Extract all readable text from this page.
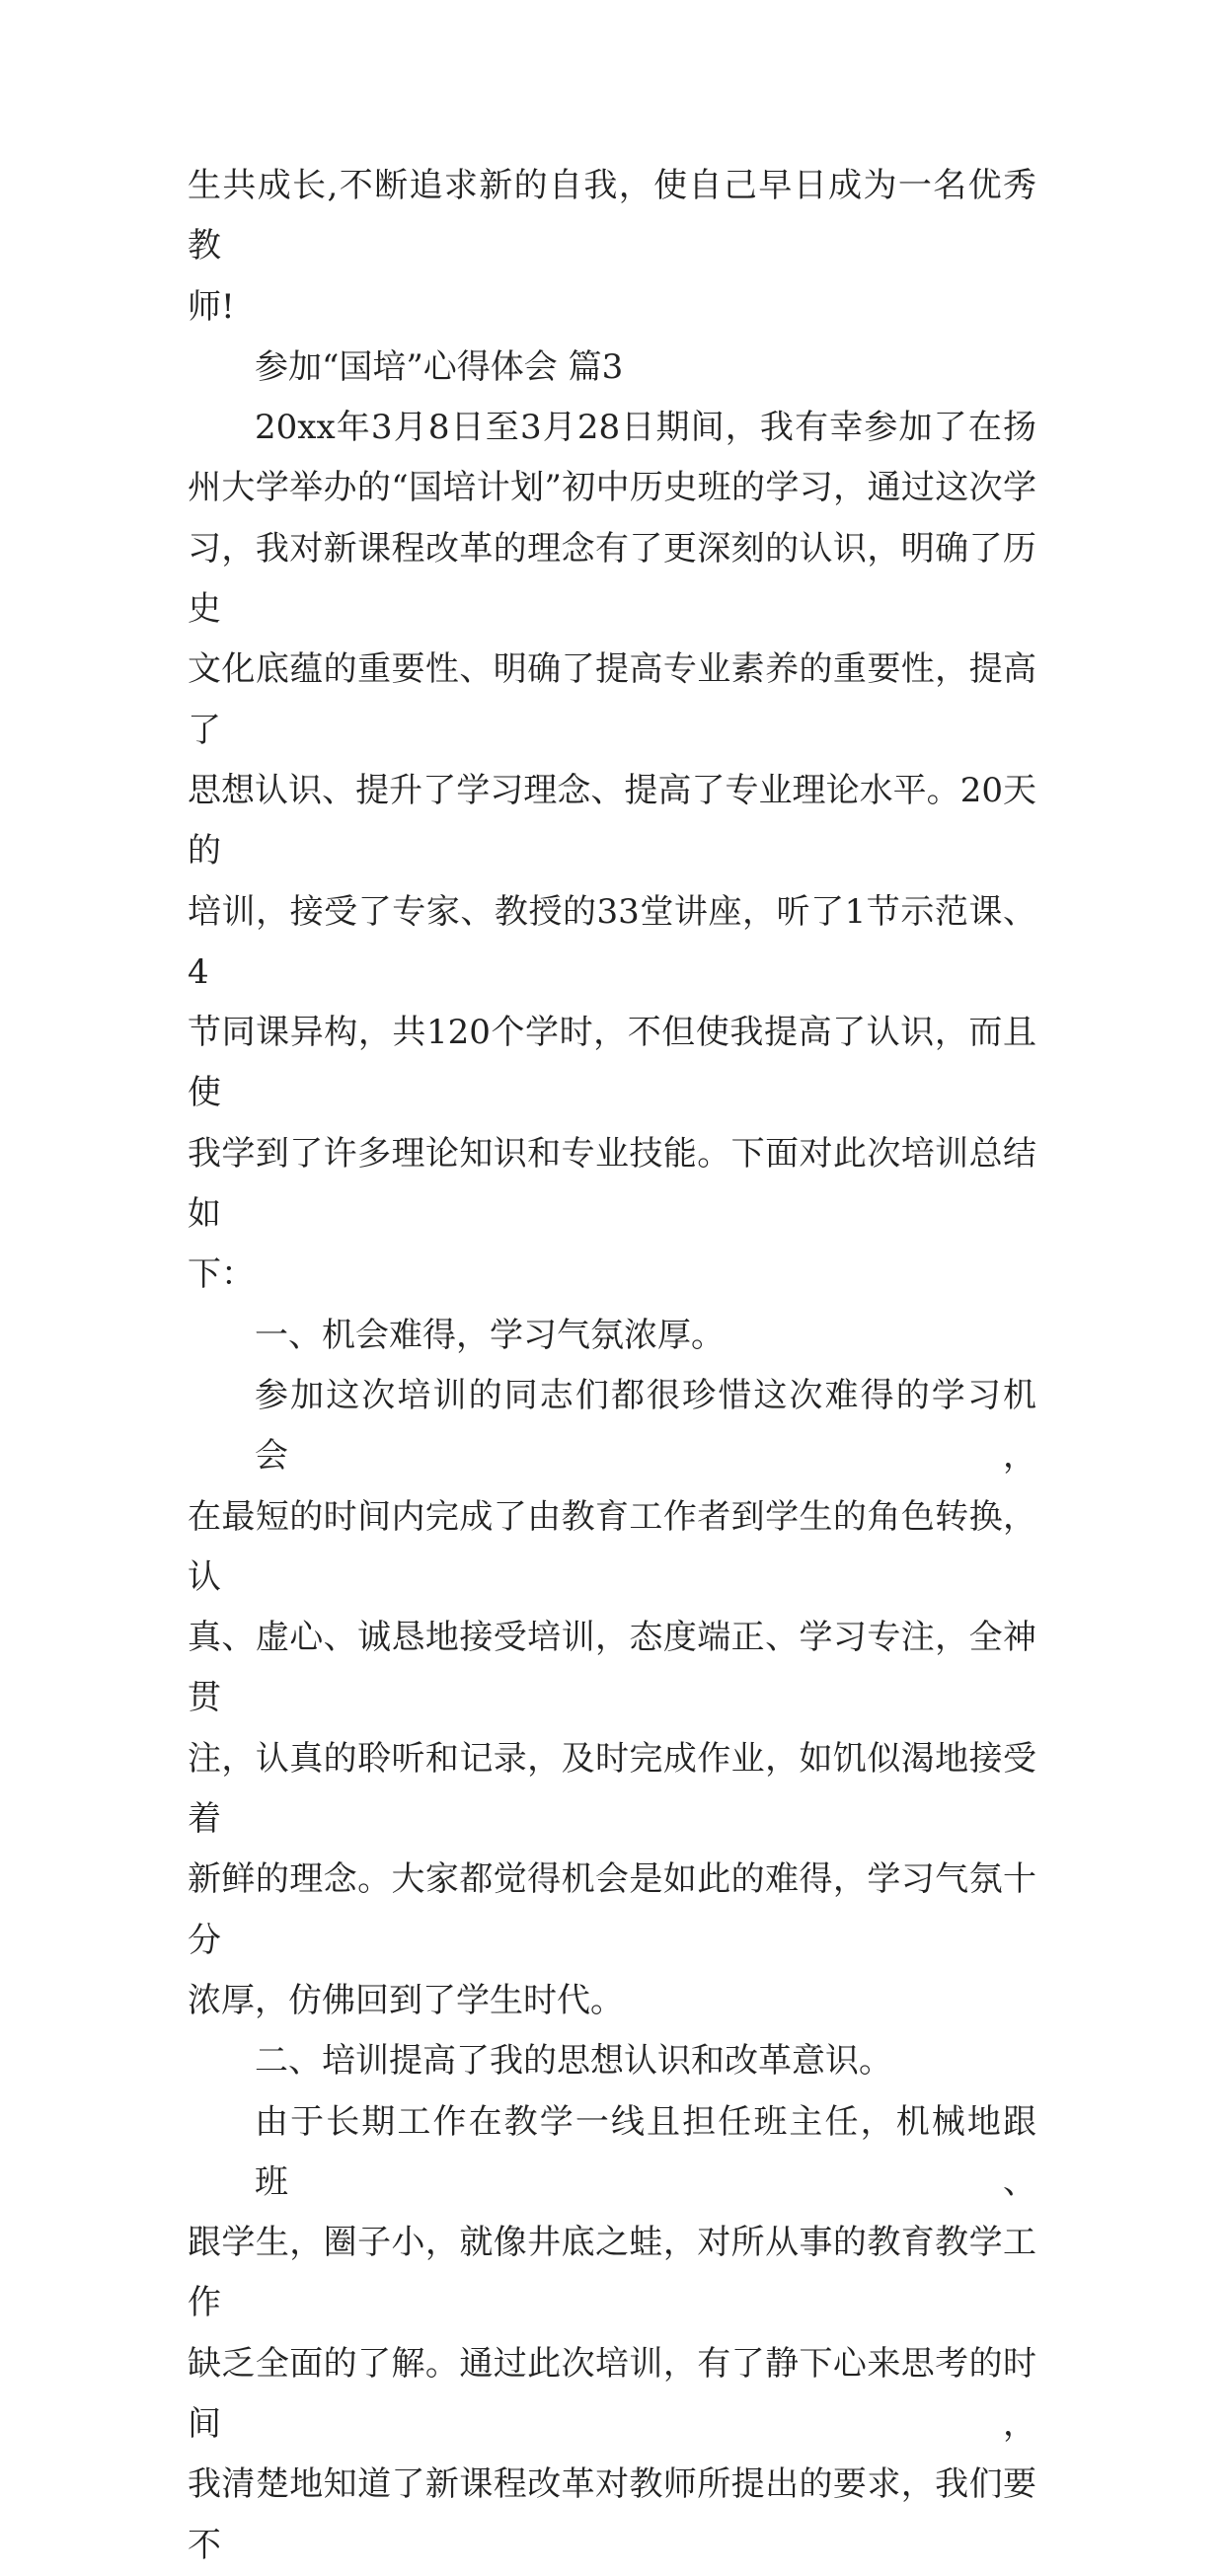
生共成长,不断追求新的自我，使自己早日成为一名优秀教
师!
参加“国培”心得体会 篇3
20xx年3月8日至3月28日期间，我有幸参加了在扬
州大学举办的“国培计划”初中历史班的学习，通过这次学
习，我对新课程改革的理念有了更深刻的认识，明确了历史
文化底蕴的重要性、明确了提高专业素养的重要性，提高了
思想认识、提升了学习理念、提高了专业理论水平。20天的
培训，接受了专家、教授的33堂讲座，听了1节示范课、4
节同课异构，共120个学时，不但使我提高了认识，而且使
我学到了许多理论知识和专业技能。下面对此次培训总结如
下：
一、机会难得，学习气氛浓厚。
参加这次培训的同志们都很珍惜这次难得的学习机会，
在最短的时间内完成了由教育工作者到学生的角色转换，认
真、虚心、诚恳地接受培训，态度端正、学习专注，全神贯
注，认真的聆听和记录，及时完成作业，如饥似渴地接受着
新鲜的理念。大家都觉得机会是如此的难得，学习气氛十分
浓厚，仿佛回到了学生时代。
二、培训提高了我的思想认识和改革意识。
由于长期工作在教学一线且担任班主任，机械地跟班、
跟学生，圈子小，就像井底之蛙，对所从事的教育教学工作
缺乏全面的了解。通过此次培训，有了静下心来思考的时间，
我清楚地知道了新课程改革对教师所提出的要求，我们要不
